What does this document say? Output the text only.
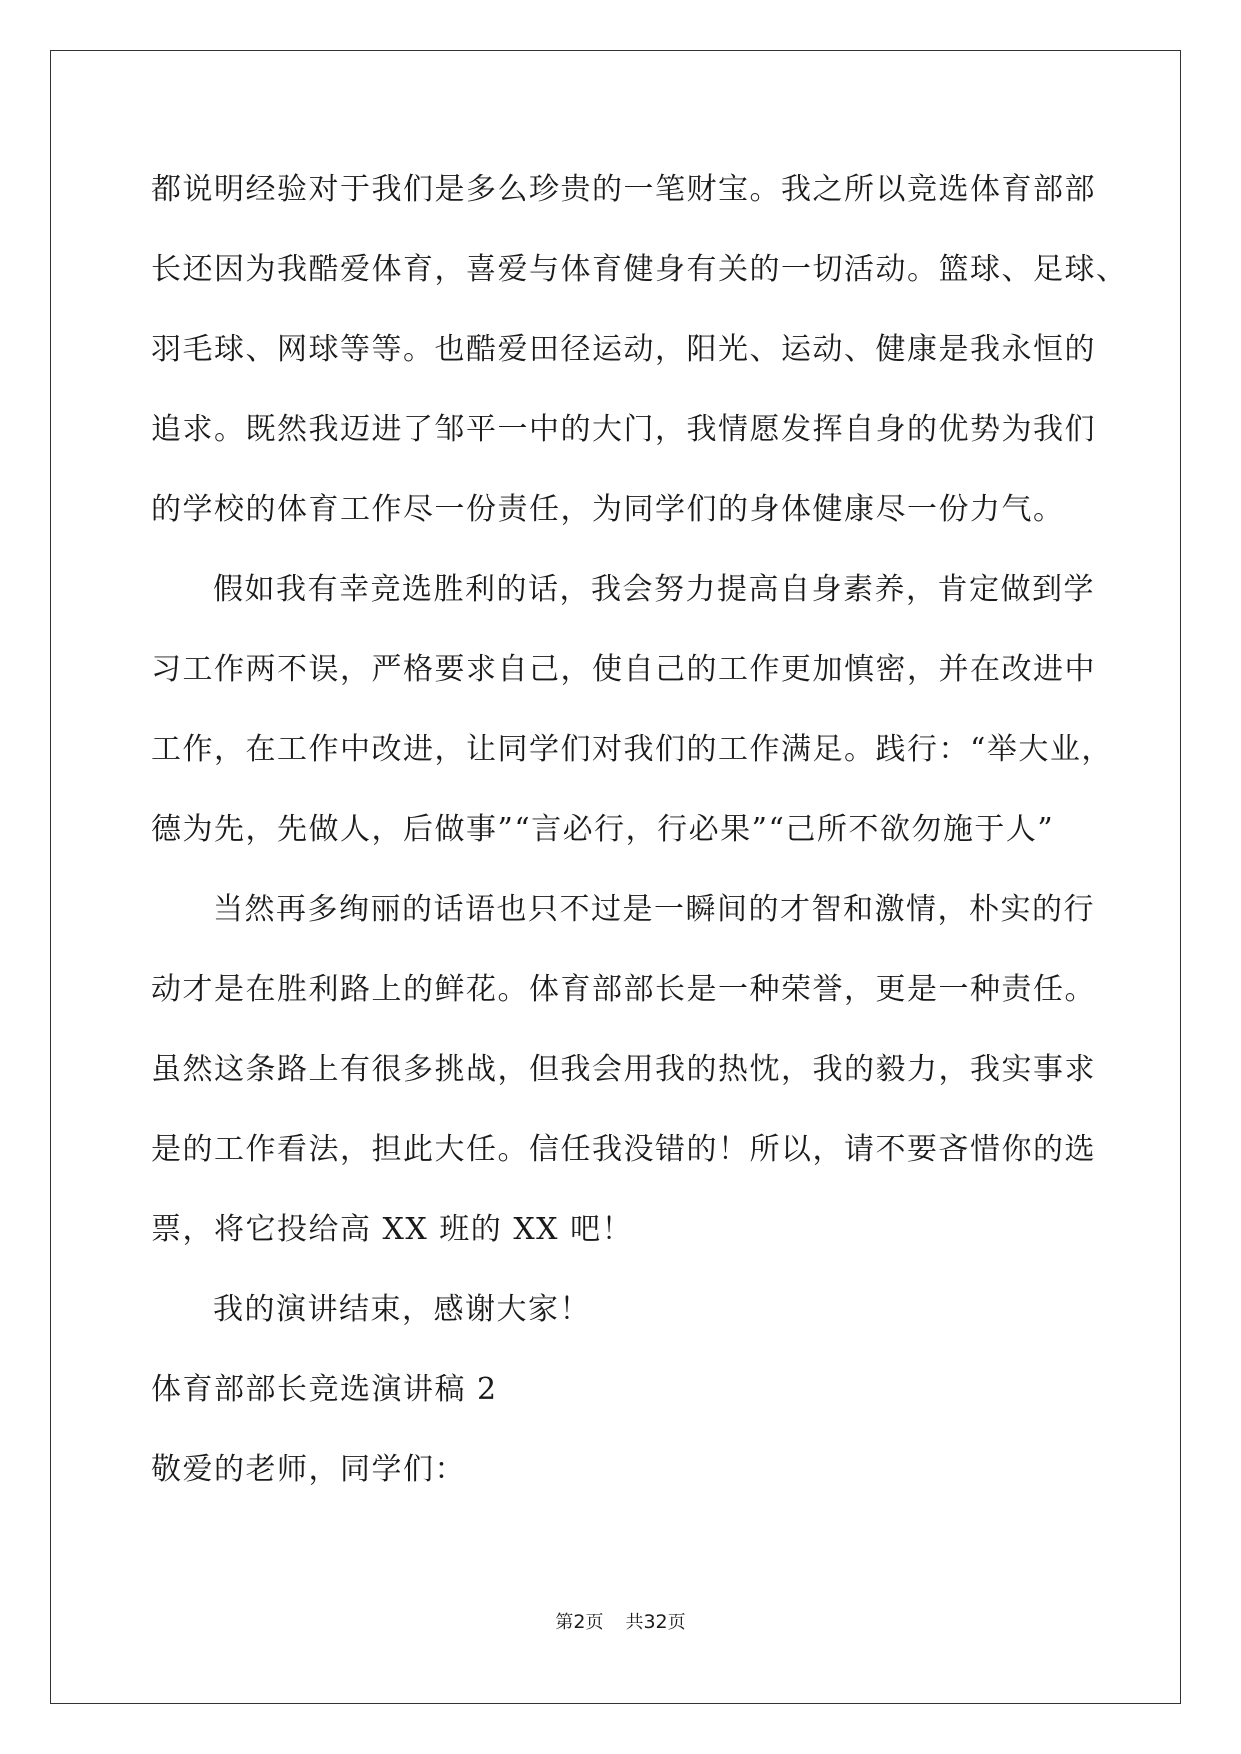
都说明经验对于我们是多么珍贵的一笔财宝。我之所以竞选体育部部
长还因为我酷爱体育，喜爱与体育健身有关的一切活动。篮球、足球、
羽毛球、网球等等。也酷爱田径运动，阳光、运动、健康是我永恒的
追求。既然我迈进了邹平一中的大门，我情愿发挥自身的优势为我们
的学校的体育工作尽一份责任，为同学们的身体健康尽一份力气。
假如我有幸竞选胜利的话，我会努力提高自身素养，肯定做到学
习工作两不误，严格要求自己，使自己的工作更加慎密，并在改进中
工作，在工作中改进，让同学们对我们的工作满足。践行：“举大业，
德为先，先做人，后做事”“言必行，行必果”“己所不欲勿施于人”
当然再多绚丽的话语也只不过是一瞬间的才智和激情，朴实的行
动才是在胜利路上的鲜花。体育部部长是一种荣誉，更是一种责任。
虽然这条路上有很多挑战，但我会用我的热忱，我的毅力，我实事求
是的工作看法，担此大任。信任我没错的！所以，请不要吝惜你的选
票，将它投给高 XX 班的 XX 吧！
我的演讲结束，感谢大家！
体育部部长竞选演讲稿 2
敬爱的老师，同学们：
第2页 共32页
